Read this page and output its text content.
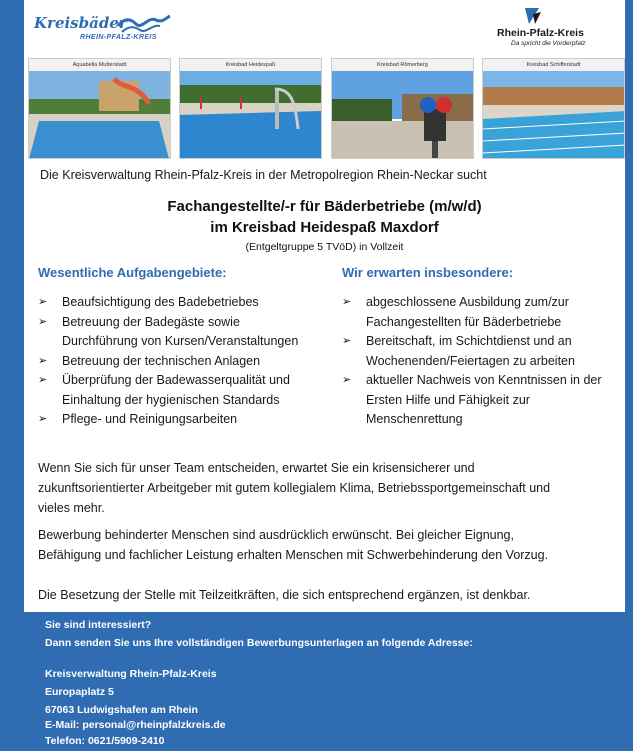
Kreisbäder
RHEIN-PFALZ-KREIS	Rhein-Pfalz-Kreis
Da spricht die Vorderpfalz
Aquabella Mutterstadt	Kreisbad Heidespaß	Kreisbad Römerberg	Kreisbad Schifferstadt
Die Kreisverwaltung Rhein-Pfalz-Kreis in der Metropolregion Rhein-Neckar sucht
Fachangestellte/-r für Bäderbetriebe (m/w/d)
im Kreisbad Heidespaß Maxdorf
(Entgeltgruppe 5 TVöD) in Vollzeit
Wesentliche Aufgabengebiete:
➢ Beaufsichtigung des Badebetriebes
➢ Betreuung der Badegäste sowie
Durchführung von Kursen/Veranstaltungen
➢ Betreuung der technischen Anlagen
➢ Überprüfung der Badewasserqualität und
Einhaltung der hygienischen Standards
➢ Pflege- und Reinigungsarbeiten
Wir erwarten insbesondere:
➢ abgeschlossene Ausbildung zum/zur
Fachangestellten für Bäderbetriebe
➢ Bereitschaft, im Schichtdienst und an
Wochenenden/Feiertagen zu arbeiten
➢ aktueller Nachweis von Kenntnissen in der
Ersten Hilfe und Fähigkeit zur
Menschenrettung
Wenn Sie sich für unser Team entscheiden, erwartet Sie ein krisensicherer und
zukunftsorientierter Arbeitgeber mit gutem kollegialem Klima, Betriebssportgemeinschaft und
vieles mehr.
Bewerbung behinderter Menschen sind ausdrücklich erwünscht. Bei gleicher Eignung,
Befähigung und fachlicher Leistung erhalten Menschen mit Schwerbehinderung den Vorzug.
Die Besetzung der Stelle mit Teilzeitkräften, die sich entsprechend ergänzen, ist denkbar.
Sie sind interessiert?
Dann senden Sie uns Ihre vollständigen Bewerbungsunterlagen an folgende Adresse:
Kreisverwaltung Rhein-Pfalz-Kreis
Europaplatz 5
67063 Ludwigshafen am Rhein
E-Mail: personal@rheinpfalzkreis.de
Telefon: 0621/5909-2410
